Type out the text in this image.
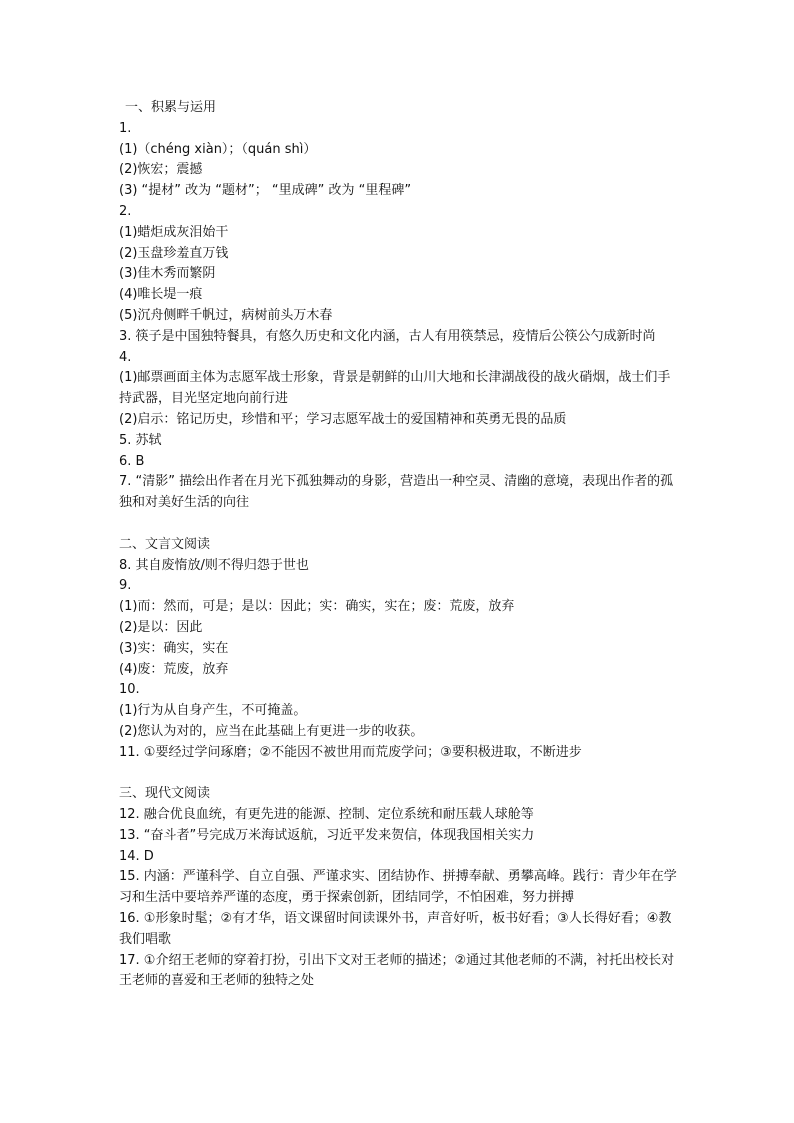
一、积累与运用
1.
(1)（chéng xiàn）；（quán shì）
(2)恢宏；震撼
(3) “提材” 改为 “题材”； “里成碑” 改为 “里程碑”
2.
(1)蜡炬成灰泪始干
(2)玉盘珍羞直万钱
(3)佳木秀而繁阴
(4)唯长堤一痕
(5)沉舟侧畔千帆过，病树前头万木春
3. 筷子是中国独特餐具，有悠久历史和文化内涵，古人有用筷禁忌，疫情后公筷公勺成新时尚
4.
(1)邮票画面主体为志愿军战士形象，背景是朝鲜的山川大地和长津湖战役的战火硝烟，战士们手持武器，目光坚定地向前行进
(2)启示：铭记历史，珍惜和平；学习志愿军战士的爱国精神和英勇无畏的品质
5. 苏轼
6. B
7. “清影” 描绘出作者在月光下孤独舞动的身影，营造出一种空灵、清幽的意境，表现出作者的孤独和对美好生活的向往
二、文言文阅读
8. 其自废惰放/则不得归怨于世也
9.
(1)而：然而，可是；是以：因此；实：确实，实在；废：荒废，放弃
(2)是以：因此
(3)实：确实，实在
(4)废：荒废，放弃
10.
(1)行为从自身产生，不可掩盖。
(2)您认为对的，应当在此基础上有更进一步的收获。
11. ①要经过学问琢磨；②不能因不被世用而荒废学问；③要积极进取，不断进步
三、现代文阅读
12. 融合优良血统，有更先进的能源、控制、定位系统和耐压载人球舱等
13. “奋斗者”号完成万米海试返航，习近平发来贺信，体现我国相关实力
14. D
15. 内涵：严谨科学、自立自强、严谨求实、团结协作、拼搏奉献、勇攀高峰。践行：青少年在学习和生活中要培养严谨的态度，勇于探索创新，团结同学，不怕困难，努力拼搏
16. ①形象时髦；②有才华，语文课留时间读课外书，声音好听，板书好看；③人长得好看；④教我们唱歌
17. ①介绍王老师的穿着打扮，引出下文对王老师的描述；②通过其他老师的不满，衬托出校长对王老师的喜爱和王老师的独特之处
